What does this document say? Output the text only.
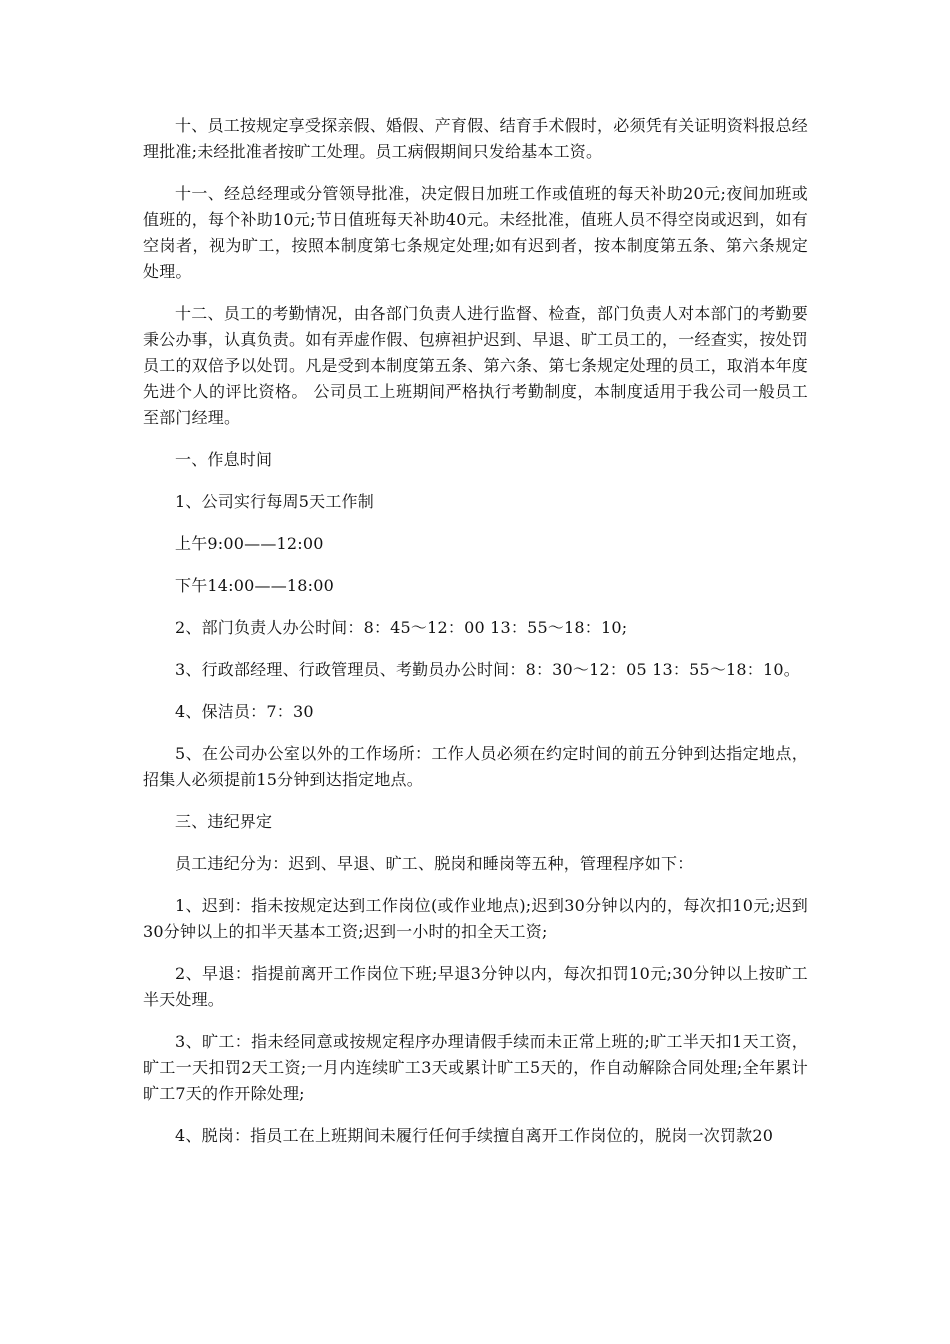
十、员工按规定享受探亲假、婚假、产育假、结育手术假时，必须凭有关证明资料报总经理批准;未经批准者按旷工处理。员工病假期间只发给基本工资。

十一、经总经理或分管领导批准，决定假日加班工作或值班的每天补助20元;夜间加班或值班的，每个补助10元;节日值班每天补助40元。未经批准，值班人员不得空岗或迟到，如有空岗者，视为旷工，按照本制度第七条规定处理;如有迟到者，按本制度第五条、第六条规定处理。

十二、员工的考勤情况，由各部门负责人进行监督、检查，部门负责人对本部门的考勤要秉公办事，认真负责。如有弄虚作假、包痹袒护迟到、早退、旷工员工的，一经查实，按处罚员工的双倍予以处罚。凡是受到本制度第五条、第六条、第七条规定处理的员工，取消本年度先进个人的评比资格。 公司员工上班期间严格执行考勤制度，本制度适用于我公司一般员工至部门经理。

一、作息时间

1、公司实行每周5天工作制

上午9:00——12:00

下午14:00——18:00

2、部门负责人办公时间：8：45～12：00 13：55～18：10;

3、行政部经理、行政管理员、考勤员办公时间：8：30～12：05 13：55～18：10。

4、保洁员：7：30

5、在公司办公室以外的工作场所：工作人员必须在约定时间的前五分钟到达指定地点，招集人必须提前15分钟到达指定地点。

三、违纪界定

员工违纪分为：迟到、早退、旷工、脱岗和睡岗等五种，管理程序如下：

1、迟到：指未按规定达到工作岗位(或作业地点);迟到30分钟以内的，每次扣10元;迟到30分钟以上的扣半天基本工资;迟到一小时的扣全天工资;

2、早退：指提前离开工作岗位下班;早退3分钟以内，每次扣罚10元;30分钟以上按旷工半天处理。

3、旷工：指未经同意或按规定程序办理请假手续而未正常上班的;旷工半天扣1天工资，旷工一天扣罚2天工资;一月内连续旷工3天或累计旷工5天的，作自动解除合同处理;全年累计旷工7天的作开除处理;

4、脱岗：指员工在上班期间未履行任何手续擅自离开工作岗位的，脱岗一次罚款20
